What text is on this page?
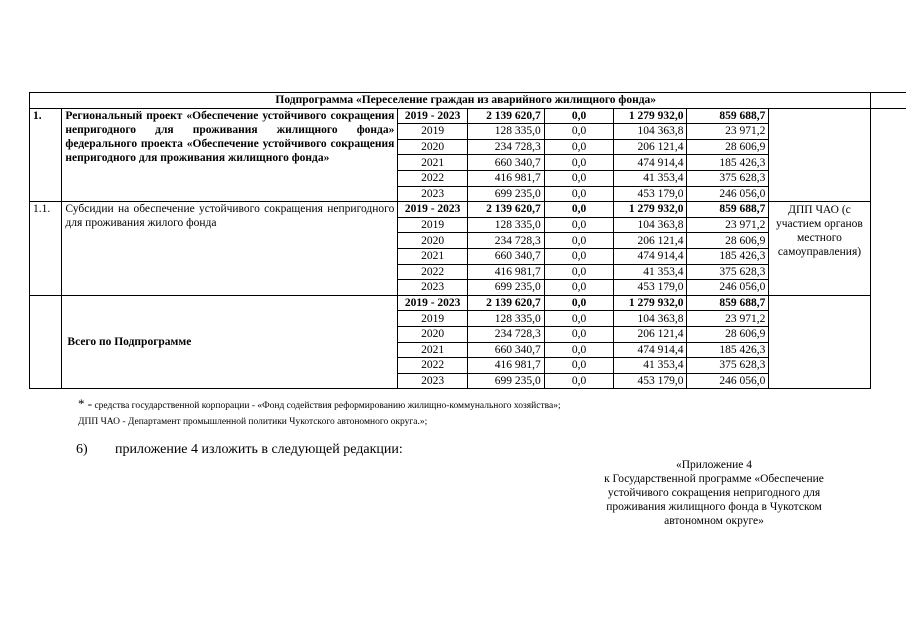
	Подпрограмма «Переселение граждан из аварийного жилищного фонда»							
1.	Региональный проект «Обеспечение устойчивого сокращения непригодного для проживания жилищного фонда» федерального проекта «Обеспечение устойчивого сокращения непригодного для проживания жилищного фонда»	2019 - 2023	2 139 620,7	0,0	1 279 932,0	859 688,7		
		2019	128 335,0	0,0	104 363,8	23 971,2		
		2020	234 728,3	0,0	206 121,4	28 606,9		
		2021	660 340,7	0,0	474 914,4	185 426,3		
		2022	416 981,7	0,0	41 353,4	375 628,3		
		2023	699 235,0	0,0	453 179,0	246 056,0		
1.1.	Субсидии на обеспечение устойчивого сокращения непригодного для проживания жилого фонда	2019 - 2023	2 139 620,7	0,0	1 279 932,0	859 688,7	ДПП ЧАО (с участием органов местного самоуправления)	
		2019	128 335,0	0,0	104 363,8	23 971,2		
		2020	234 728,3	0,0	206 121,4	28 606,9		
		2021	660 340,7	0,0	474 914,4	185 426,3		
		2022	416 981,7	0,0	41 353,4	375 628,3		
		2023	699 235,0	0,0	453 179,0	246 056,0		
	Всего по Подпрограмме	2019 - 2023	2 139 620,7	0,0	1 279 932,0	859 688,7		
		2019	128 335,0	0,0	104 363,8	23 971,2		
		2020	234 728,3	0,0	206 121,4	28 606,9		
		2021	660 340,7	0,0	474 914,4	185 426,3		
		2022	416 981,7	0,0	41 353,4	375 628,3		
		2023	699 235,0	0,0	453 179,0	246 056,0		
* - средства государственной корпорации - «Фонд содействия реформированию жилищно-коммунального хозяйства»;
ДПП ЧАО - Департамент промышленной политики Чукотского автономного округа.»;
6) приложение 4 изложить в следующей редакции:
«Приложение 4
к Государственной программе «Обеспечение устойчивого сокращения непригодного для проживания жилищного фонда в Чукотском автономном округе»
